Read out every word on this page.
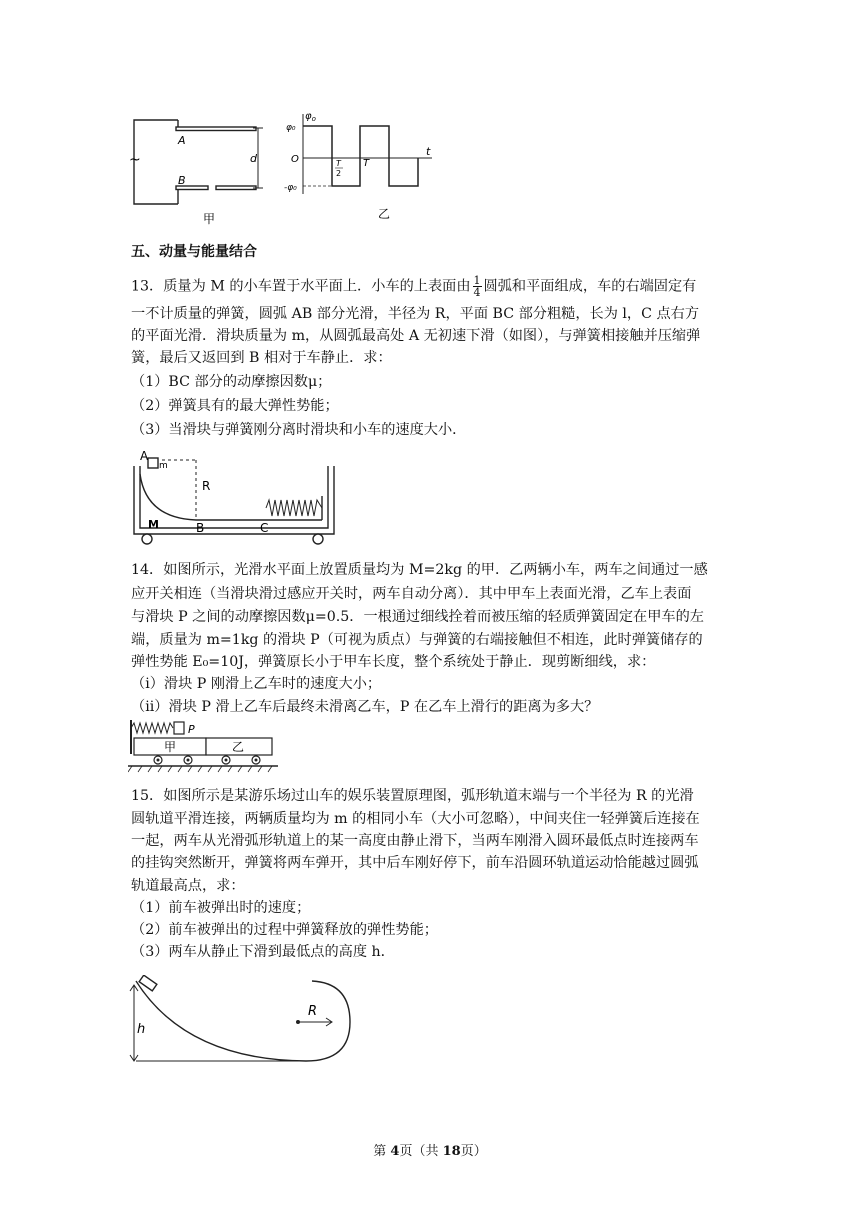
~
A
B
d
甲
$\varphi_o$
φ₀
O
-φ₀
T
2
T
t
乙
五、动量与能量结合
13．质量为 M 的小车置于水平面上．小车的上表面由 $\frac{1}{4}$ 圆弧和平面组成，车的右端固定有
一不计质量的弹簧，圆弧 AB 部分光滑，半径为 R，平面 BC 部分粗糙，长为 l，C 点右方
的平面光滑．滑块质量为 m，从圆弧最高处 A 无初速下滑（如图），与弹簧相接触并压缩弹
簧，最后又返回到 B 相对于车静止．求：
（1）BC 部分的动摩擦因数μ；
（2）弹簧具有的最大弹性势能；
（3）当滑块与弹簧刚分离时滑块和小车的速度大小．
A
m
R
B	C
M
14．如图所示，光滑水平面上放置质量均为 M=2kg 的甲．乙两辆小车，两车之间通过一感
应开关相连（当滑块滑过感应开关时，两车自动分离）．其中甲车上表面光滑，乙车上表面
与滑块 P 之间的动摩擦因数μ=0.5．一根通过细线拴着而被压缩的轻质弹簧固定在甲车的左
端，质量为 m=1kg 的滑块 P（可视为质点）与弹簧的右端接触但不相连，此时弹簧储存的
弹性势能 E₀=10J，弹簧原长小于甲车长度，整个系统处于静止．现剪断细线，求：
（i）滑块 P 刚滑上乙车时的速度大小；
（ii）滑块 P 滑上乙车后最终未滑离乙车，P 在乙车上滑行的距离为多大？
P
甲	乙
15．如图所示是某游乐场过山车的娱乐装置原理图，弧形轨道末端与一个半径为 R 的光滑
圆轨道平滑连接，两辆质量均为 m 的相同小车（大小可忽略），中间夹住一轻弹簧后连接在
一起，两车从光滑弧形轨道上的某一高度由静止滑下，当两车刚滑入圆环最低点时连接两车
的挂钩突然断开，弹簧将两车弹开，其中后车刚好停下，前车沿圆环轨道运动恰能越过圆弧
轨道最高点，求：
（1）前车被弹出时的速度；
（2）前车被弹出的过程中弹簧释放的弹性势能；
（3）两车从静止下滑到最低点的高度 h．
h
R
第 4页（共 18页）
